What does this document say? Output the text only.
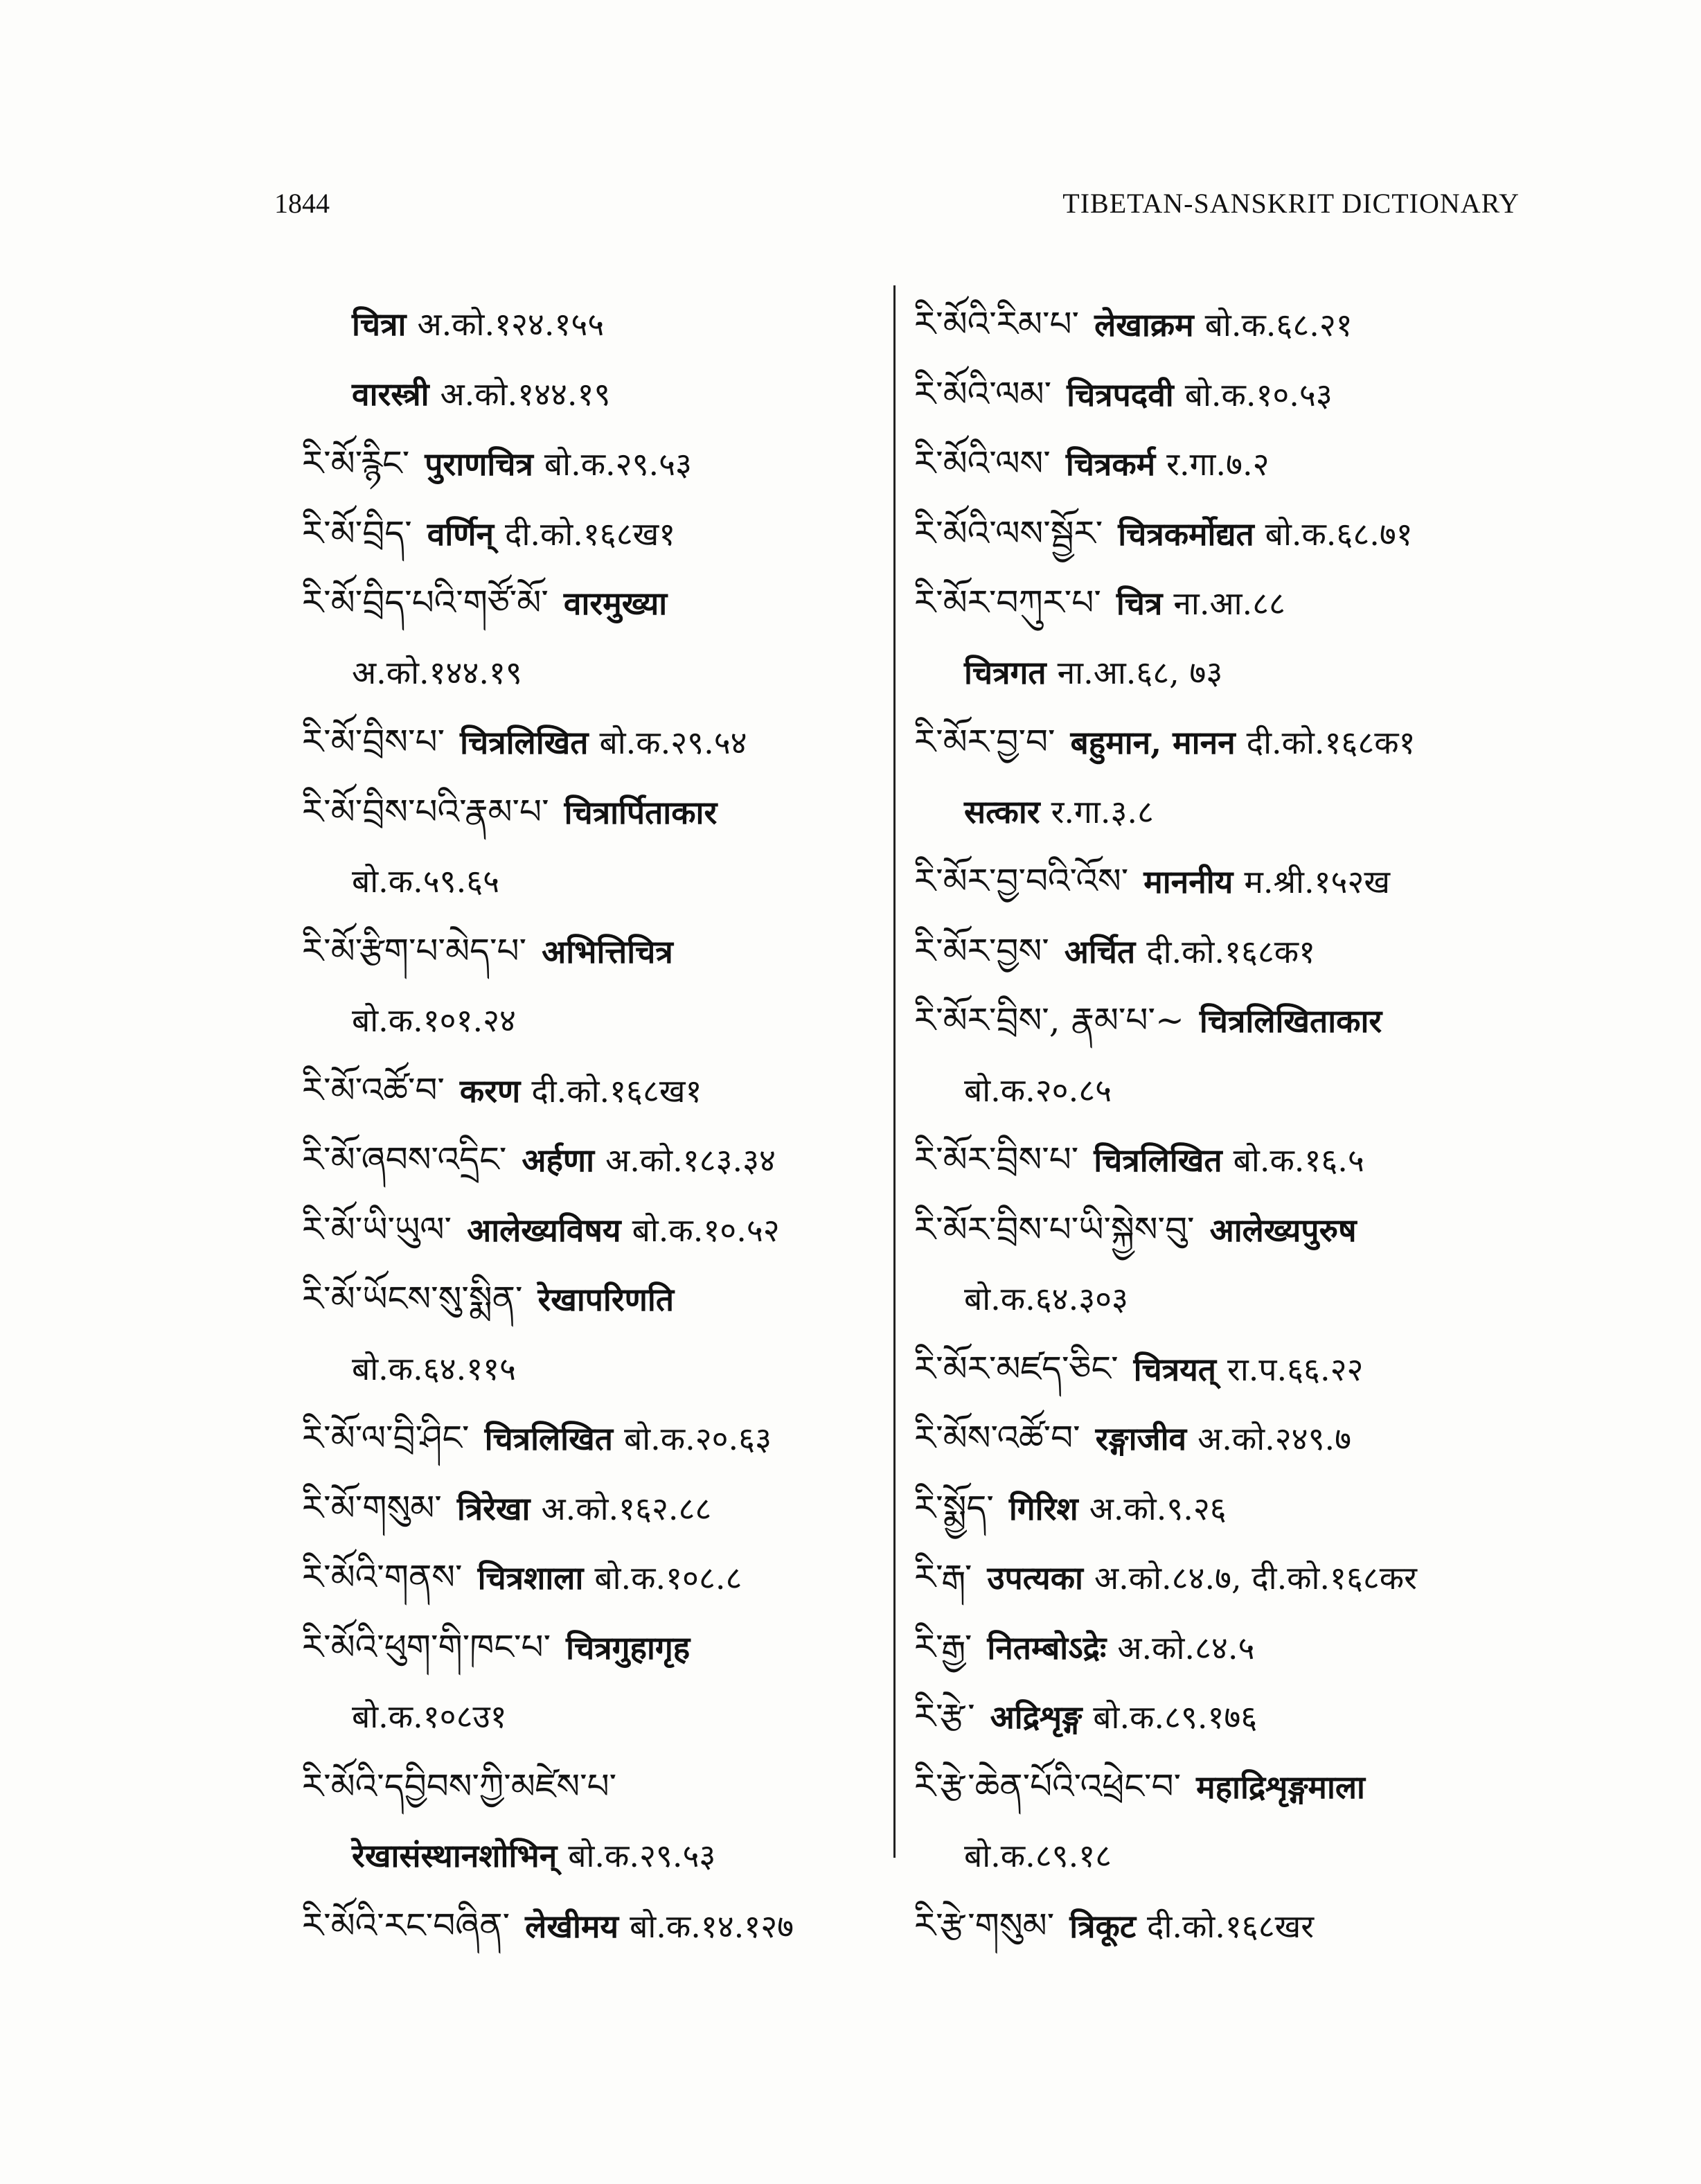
1844	TIBETAN-SANSKRIT DICTIONARY
चित्रा अ.को.१२४.१५५
वारस्त्री अ.को.१४४.१९
རི་མོ་རྙིང་ पुराणचित्र बो.क.२९.५३
རི་མོ་བྲིད་ वर्णिन् दी.को.१६८ख१
རི་མོ་བྲིད་པའི་གཙོ་མོ་ वारमुख्या
अ.को.१४४.१९
རི་མོ་བྲིས་པ་ चित्रलिखित बो.क.२९.५४
རི་མོ་བྲིས་པའི་རྣམ་པ་ चित्रार्पिताकार
बो.क.५९.६५
རི་མོ་རྩིག་པ་མེད་པ་ अभित्तिचित्र
बो.क.१०१.२४
རི་མོ་འཚོ་བ་ करण दी.को.१६८ख१
རི་མོ་ཞབས་འདྲིང་ अर्हणा अ.को.१८३.३४
རི་མོ་ཡི་ཡུལ་ आलेख्यविषय बो.क.१०.५२
རི་མོ་ཡོངས་སུ་སྨིན་ रेखापरिणति
बो.क.६४.११५
རི་མོ་ལ་བྲི་ཤིང་ चित्रलिखित बो.क.२०.६३
རི་མོ་གསུམ་ त्रिरेखा अ.को.१६२.८८
རི་མོའི་གནས་ चित्रशाला बो.क.१०८.८
རི་མོའི་ཕུག་གི་ཁང་པ་ चित्रगुहागृह
बो.क.१०८उ१
རི་མོའི་དབྱིབས་ཀྱི་མཛེས་པ་
रेखासंस्थानशोभिन् बो.क.२९.५३
རི་མོའི་རང་བཞིན་ लेखीमय बो.क.१४.१२७
རི་མོའི་རིམ་པ་ लेखाक्रम बो.क.६८.२१
རི་མོའི་ལམ་ चित्रपदवी बो.क.१०.५३
རི་མོའི་ལས་ चित्रकर्म र.गा.७.२
རི་མོའི་ལས་སྦྱོར་ चित्रकर्मोद्यत बो.क.६८.७१
རི་མོར་བཀུར་པ་ चित्र ना.आ.८८
चित्रगत ना.आ.६८, ७३
རི་མོར་བྱ་བ་ बहुमान, मानन दी.को.१६८क१
सत्कार र.गा.३.८
རི་མོར་བྱ་བའི་འོས་ माननीय म.श्री.१५२ख
རི་མོར་བྱས་ अर्चित दी.को.१६८क१
རི་མོར་བྲིས་, རྣམ་པ་~ चित्रलिखिताकार
बो.क.२०.८५
རི་མོར་བྲིས་པ་ चित्रलिखित बो.क.१६.५
རི་མོར་བྲིས་པ་ཡི་སྐྱེས་བུ་ आलेख्यपुरुष
बो.क.६४.३०३
རི་མོར་མཛད་ཅིང་ चित्रयत् रा.प.६६.२२
རི་མོས་འཚོ་བ་ रङ्गाजीव अ.को.२४९.७
རི་སྨྱོད་ गिरिश अ.को.९.२६
རི་རྒ་ उपत्यका अ.को.८४.७, दी.को.१६८कर
རི་རྒྱ་ नितम्बोऽद्रेः अ.को.८४.५
རི་རྩེ་ अद्रिशृङ्ग बो.क.८९.१७६
རི་རྩེ་ཆེན་པོའི་འཕྲེང་བ་ महाद्रिशृङ्गमाला
बो.क.८९.१८
རི་རྩེ་གསུམ་ त्रिकूट दी.को.१६८खर
